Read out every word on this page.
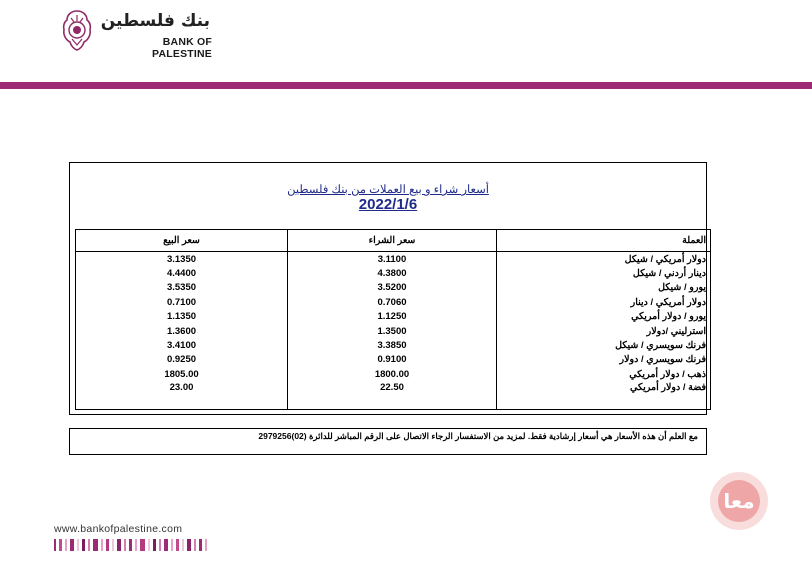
بنك فلسطين
BANK OF PALESTINE
أسعار شراء و بيع العملات من بنك فلسطين
2022/1/6
سعر البيع	سعر الشراء	العملة
3.1350	3.1100	دولار أمريكي / شيكل
4.4400	4.3800	دينار أردني / شيكل
3.5350	3.5200	يورو / شيكل
0.7100	0.7060	دولار أمريكي / دينار
1.1350	1.1250	يورو / دولار أمريكي
1.3600	1.3500	استرليني /دولار
3.4100	3.3850	فرنك سويسري / شيكل
0.9250	0.9100	فرنك سويسري / دولار
1805.00	1800.00	ذهب / دولار أمريكي
23.00	22.50	فضة / دولار أمريكي
مع العلم أن هذه الأسعار هي أسعار إرشادية فقط. لمزيد من الاستفسار الرجاء الاتصال على الرقم المباشر للدائرة (02)2979256
معا
www.bankofpalestine.com
